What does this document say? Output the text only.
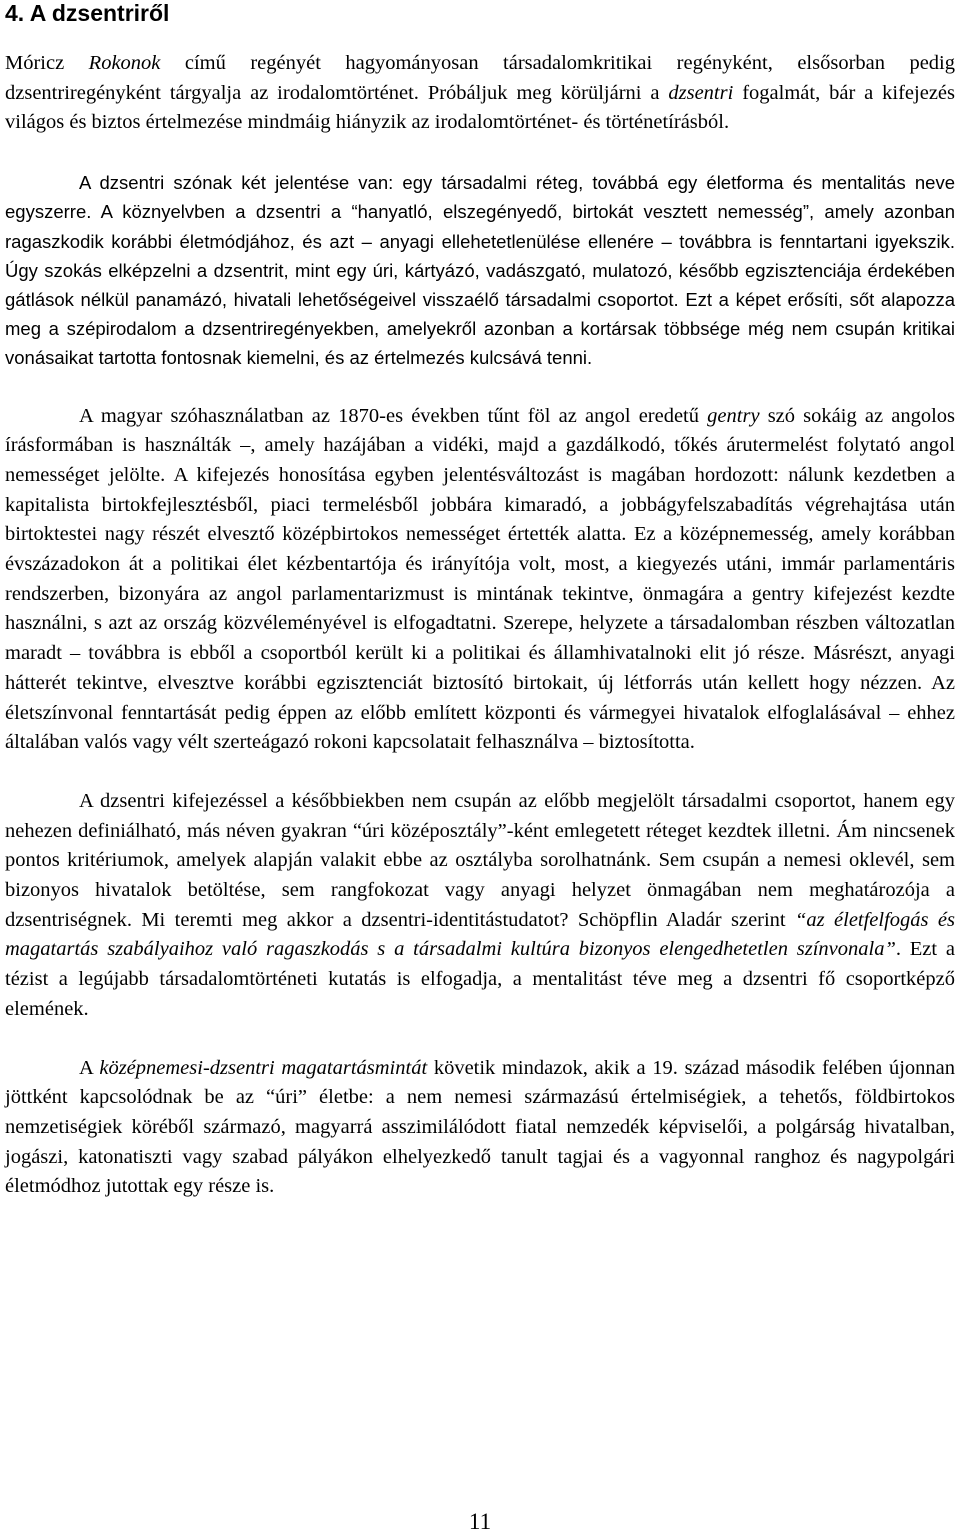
4. A dzsentriről

Móricz Rokonok című regényét hagyományosan társadalomkritikai regényként, elsősorban pedig dzsentriregényként tárgyalja az irodalomtörténet. Próbáljuk meg körüljárni a dzsentri fogalmát, bár a kifejezés világos és biztos értelmezése mindmáig hiányzik az irodalomtörténet- és történetírásból.

A dzsentri szónak két jelentése van: egy társadalmi réteg, továbbá egy életforma és mentalitás neve egyszerre. A köznyelvben a dzsentri a “hanyatló, elszegényedő, birtokát vesztett nemesség”, amely azonban ragaszkodik korábbi életmódjához, és azt – anyagi ellehetetlenülése ellenére – továbbra is fenntartani igyekszik. Úgy szokás elképzelni a dzsentrit, mint egy úri, kártyázó, vadászgató, mulatozó, később egzisztenciája érdekében gátlások nélkül panamázó, hivatali lehetőségeivel visszaélő társadalmi csoportot. Ezt a képet erősíti, sőt alapozza meg a szépirodalom a dzsentriregényekben, amelyekről azonban a kortársak többsége még nem csupán kritikai vonásaikat tartotta fontosnak kiemelni, és az értelmezés kulcsává tenni.

A magyar szóhasználatban az 1870-es években tűnt föl az angol eredetű gentry szó sokáig az angolos írásformában is használták –, amely hazájában a vidéki, majd a gazdálkodó, tőkés árutermelést folytató angol nemességet jelölte. A kifejezés honosítása egyben jelentésváltozást is magában hordozott: nálunk kezdetben a kapitalista birtokfejlesztésből, piaci termelésből jobbára kimaradó, a jobbágyfelszabadítás végrehajtása után birtoktestei nagy részét elvesztő középbirtokos nemességet értették alatta. Ez a középnemesség, amely korábban évszázadokon át a politikai élet kézbentartója és irányítója volt, most, a kiegyezés utáni, immár parlamentáris rendszerben, bizonyára az angol parlamentarizmust is mintának tekintve, önmagára a gentry kifejezést kezdte használni, s azt az ország közvéleményével is elfogadtatni. Szerepe, helyzete a társadalomban részben változatlan maradt – továbbra is ebből a csoportból került ki a politikai és államhivatalnoki elit jó része. Másrészt, anyagi hátterét tekintve, elvesztve korábbi egzisztenciát biztosító birtokait, új létforrás után kellett hogy nézzen. Az életszínvonal fenntartását pedig éppen az előbb említett központi és vármegyei hivatalok elfoglalásával – ehhez általában valós vagy vélt szerteágazó rokoni kapcsolatait felhasználva – biztosította.

A dzsentri kifejezéssel a későbbiekben nem csupán az előbb megjelölt társadalmi csoportot, hanem egy nehezen definiálható, más néven gyakran “úri középosztály”-ként emlegetett réteget kezdtek illetni. Ám nincsenek pontos kritériumok, amelyek alapján valakit ebbe az osztályba sorolhatnánk. Sem csupán a nemesi oklevél, sem bizonyos hivatalok betöltése, sem rangfokozat vagy anyagi helyzet önmagában nem meghatározója a dzsentriségnek. Mi teremti meg akkor a dzsentri-identitástudatot? Schöpflin Aladár szerint “az életfelfogás és magatartás szabályaihoz való ragaszkodás s a társadalmi kultúra bizonyos elengedhetetlen színvonala”. Ezt a tézist a legújabb társadalomtörténeti kutatás is elfogadja, a mentalitást téve meg a dzsentri fő csoportképző elemének.

A középnemesi-dzsentri magatartásmintát követik mindazok, akik a 19. század második felében újonnan jöttként kapcsolódnak be az “úri” életbe: a nem nemesi származású értelmiségiek, a tehetős, földbirtokos nemzetiségiek köréből származó, magyarrá asszimilálódott fiatal nemzedék képviselői, a polgárság hivatalban, jogászi, katonatiszti vagy szabad pályákon elhelyezkedő tanult tagjai és a vagyonnal ranghoz és nagypolgári életmódhoz jutottak egy része is.

11
